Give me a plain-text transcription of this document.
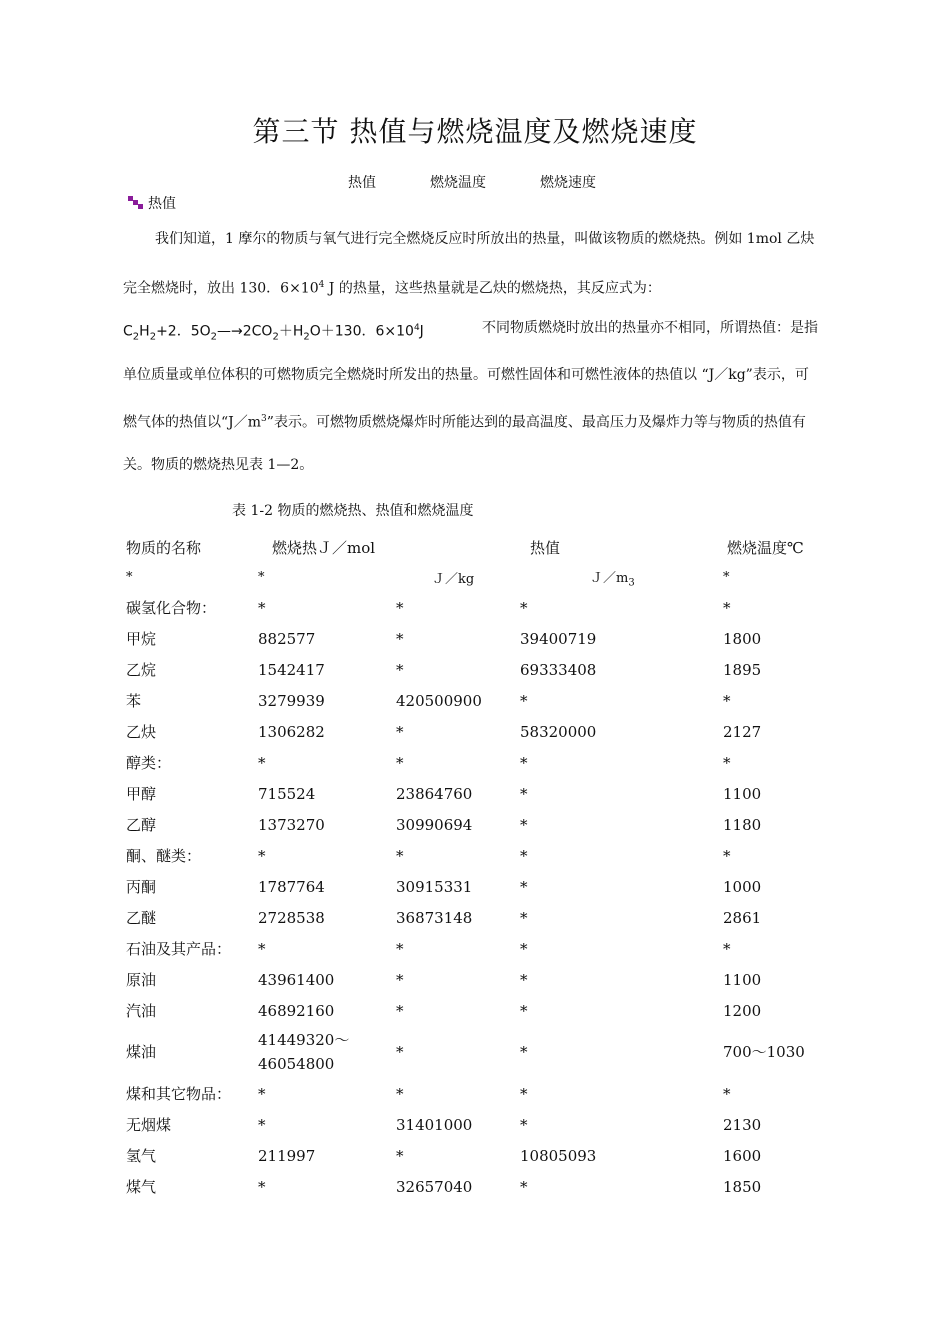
第三节 热值与燃烧温度及燃烧速度
热值	燃烧温度	燃烧速度
热值
我们知道，1 摩尔的物质与氧气进行完全燃烧反应时所放出的热量，叫做该物质的燃烧热。例如 1mol 乙炔
完全燃烧时，放出 130．$6\times 10^4$ J 的热量，这些热量就是乙炔的燃烧热，其反应式为：
$C_2H_2+2$．$5O_2—\to 2CO_2+H_2O+130$．$6\times 10^4J$	不同物质燃烧时放出的热量亦不相同，所谓热值：是指
单位质量或单位体积的可燃物质完全燃烧时所发出的热量。可燃性固体和可燃性液体的热值以 “J／kg”表示，可
燃气体的热值以“$J/m^3$”表示。可燃物质燃烧爆炸时所能达到的最高温度、最高压力及爆炸力等与物质的热值有
关。物质的燃烧热见表 1—2。
表 1-2 物质的燃烧热、热值和燃烧温度
物质的名称	燃烧热Ｊ／mol		热值	燃烧温度℃
*	*	Ｊ／kg	$J/m_3$	*
碳氢化合物：	*	*	*	*
甲烷	882577	*	39400719	1800
乙烷	1542417	*	69333408	1895
苯	3279939	420500900	*	*
乙炔	1306282	*	58320000	2127
醇类：	*	*	*	*
甲醇	715524	23864760	*	1100
乙醇	1373270	30990694	*	1180
酮、醚类：	*	*	*	*
丙酮	1787764	30915331	*	1000
乙醚	2728538	36873148	*	2861
石油及其产品：	*	*	*	*
原油	43961400	*	*	1100
汽油	46892160	*	*	1200
煤油	41449320～
46054800	*	*	700～1030
煤和其它物品：	*	*	*	*
无烟煤	*	31401000	*	2130
氢气	211997	*	10805093	1600
煤气	*	32657040	*	1850
